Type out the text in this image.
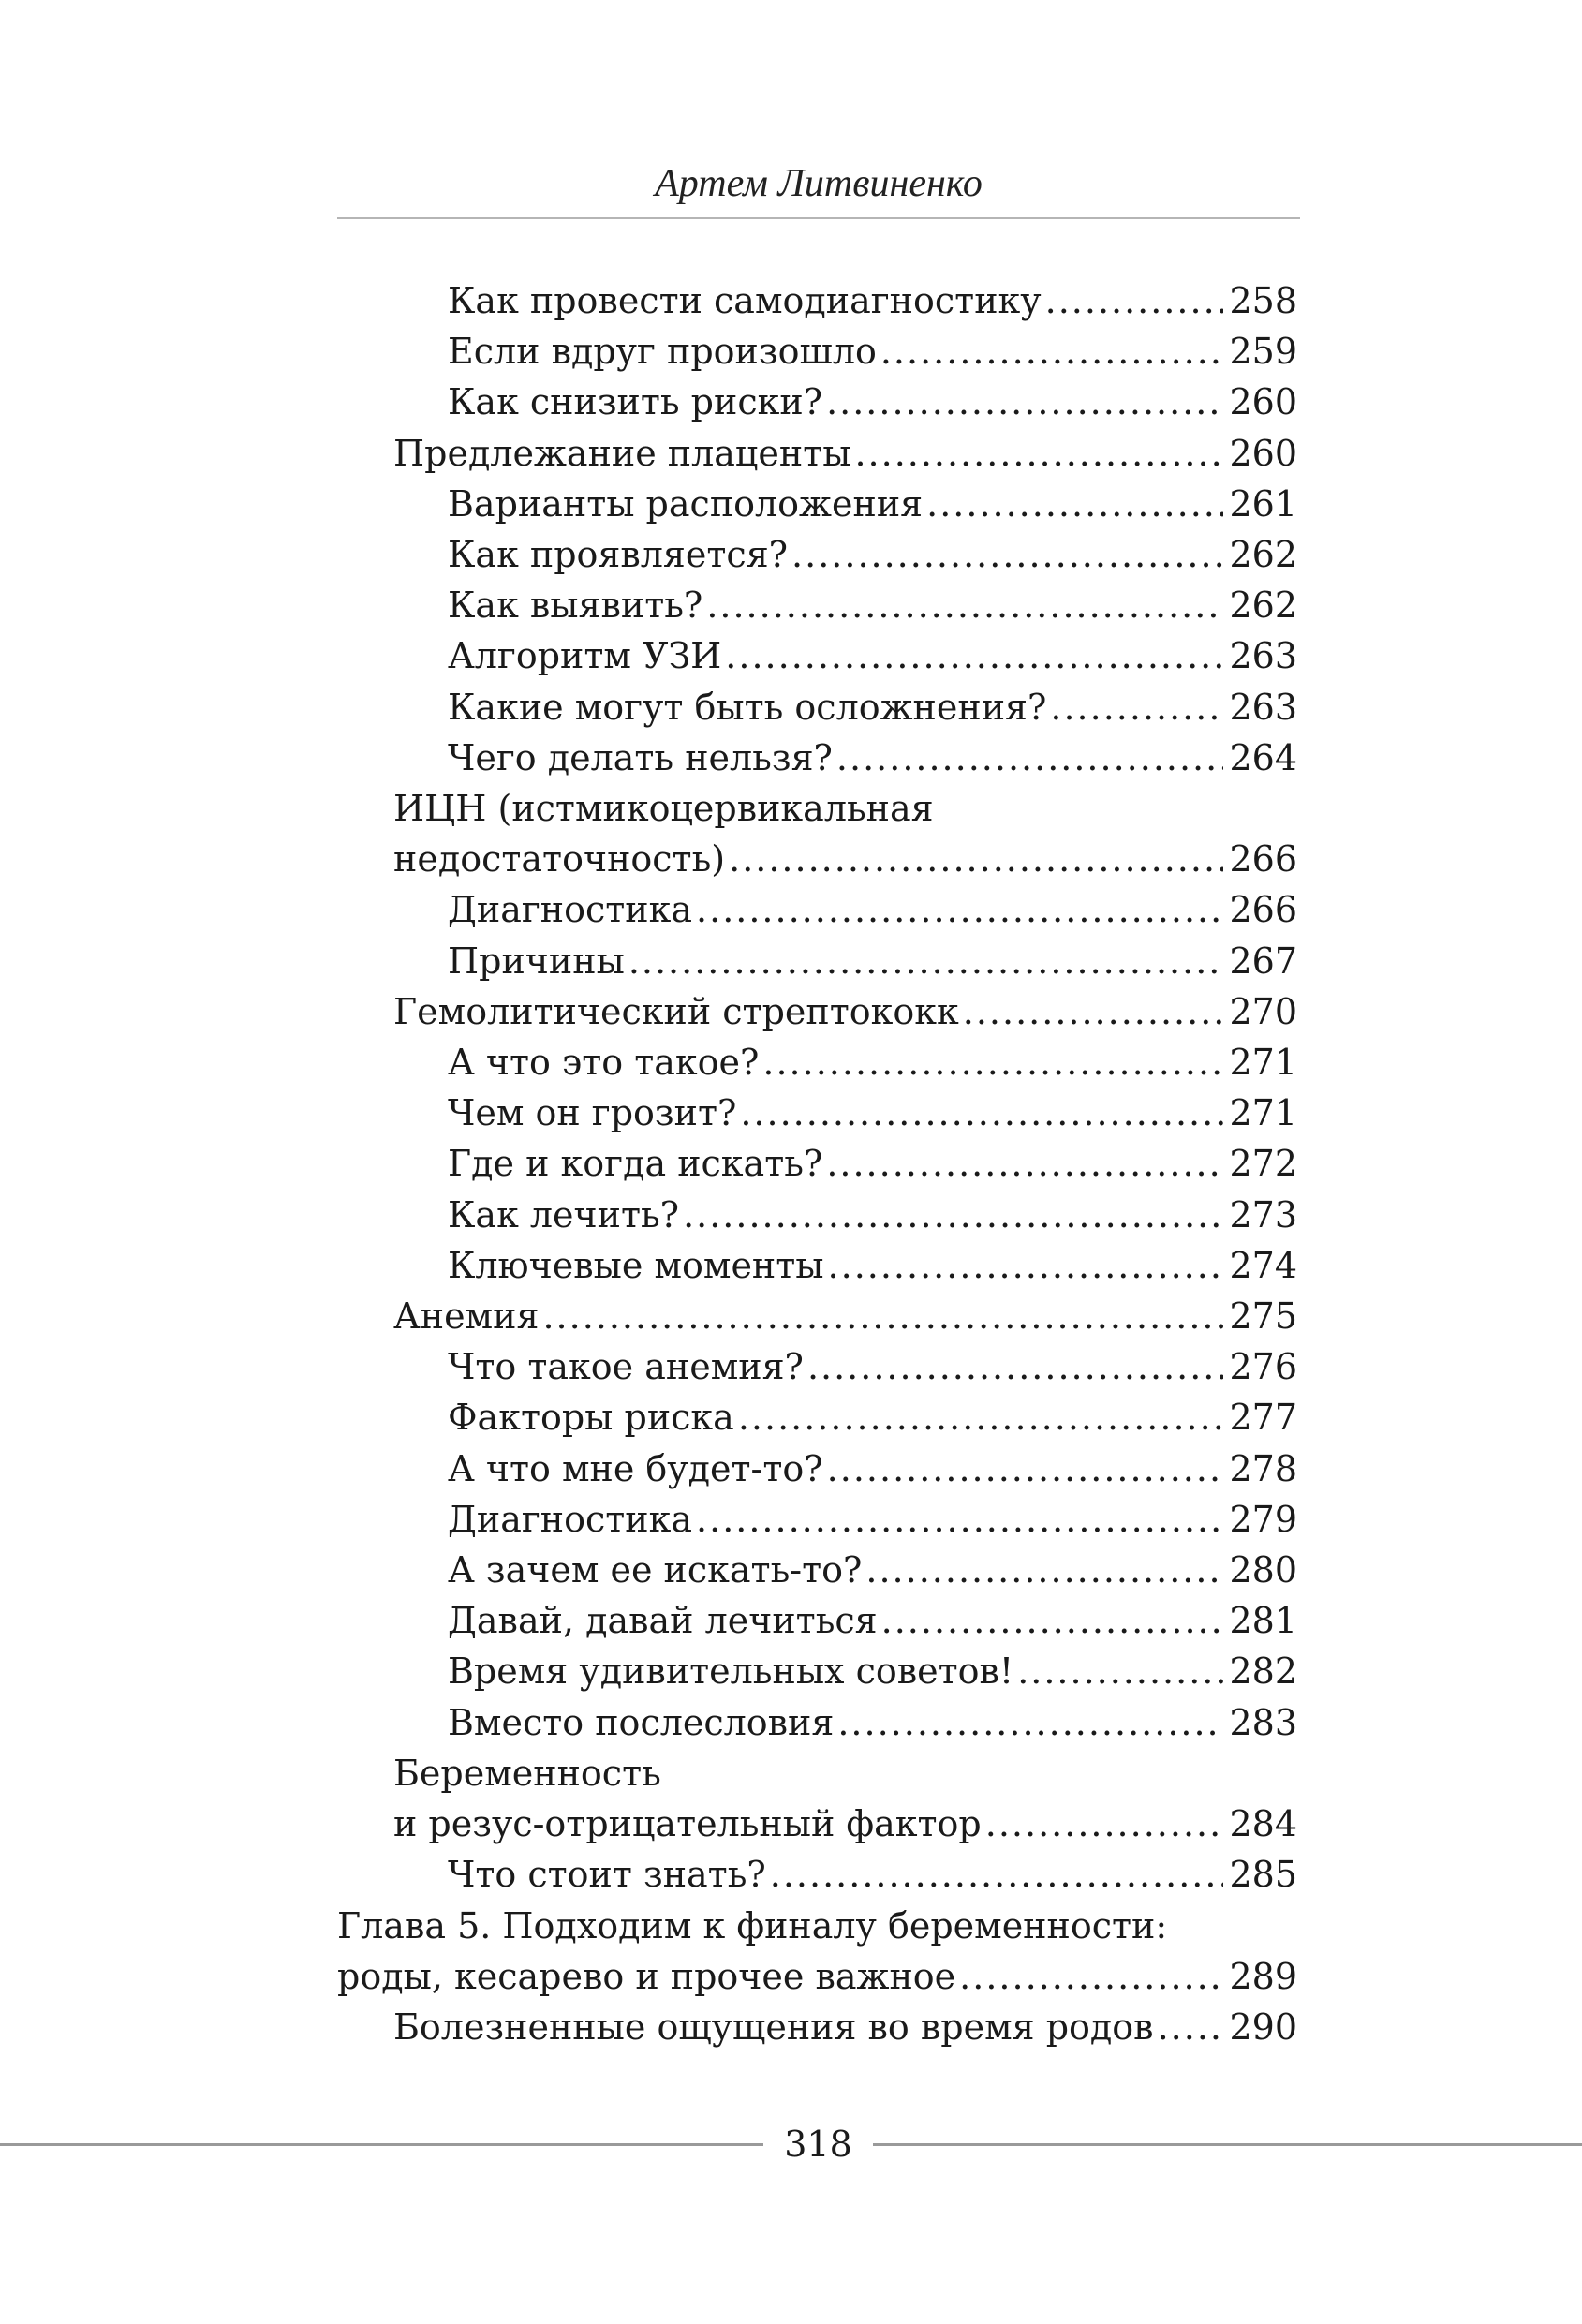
Артем Литвиненко
Как провести самодиагностику .....	258
Если вдруг произошло .....	259
Как снизить риски? .....	260
Предлежание плаценты .....	260
Варианты расположения .....	261
Как проявляется? .....	262
Как выявить? .....	262
Алгоритм УЗИ .....	263
Какие могут быть осложнения? .....	263
Чего делать нельзя? .....	264
ИЦН (истмикоцервикальная
недостаточность) .....	266
Диагностика .....	266
Причины .....	267
Гемолитический стрептококк .....	270
А что это такое? .....	271
Чем он грозит? .....	271
Где и когда искать? .....	272
Как лечить? .....	273
Ключевые моменты .....	274
Анемия .....	275
Что такое анемия? .....	276
Факторы риска .....	277
А что мне будет-то? .....	278
Диагностика .....	279
А зачем ее искать-то? .....	280
Давай, давай лечиться .....	281
Время удивительных советов! .....	282
Вместо послесловия .....	283
Беременность
и резус-отрицательный фактор .....	284
Что стоит знать? .....	285
Глава 5. Подходим к финалу беременности:
роды, кесарево и прочее важное .....	289
Болезненные ощущения во время родов ..... 290
318
